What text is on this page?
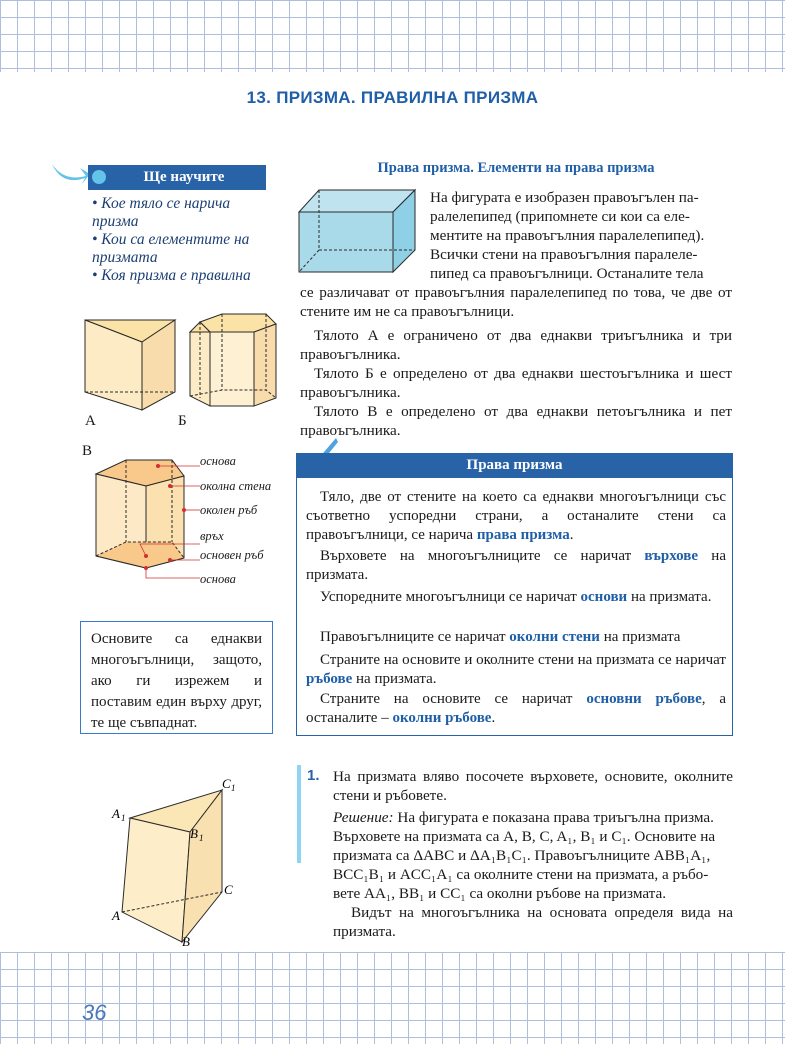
13. ПРИЗМА. ПРАВИЛНА ПРИЗМА
Ще научите
• Кое тяло се нарича призма
• Кои са елементите на призмата
• Коя призма е правилна
Права призма. Елементи на права призма
На фигурата е изобразен правоъгълен па-
ралелепипед (припомнете си кои са еле-
ментите на правоъгълния паралелепипед).
Всички стени на правоъгълния паралеле-
пипед са правоъгълници. Останалите тела
се различават от правоъгълния паралелепипед по това, че две от стените им не са правоъгълници.
Тялото А е ограничено от два еднакви триъгълника и три правоъгълника.
Тялото Б е определено от два еднакви шестоъгълника и шест правоъгълника.
Тялото В е определено от два еднакви петоъгълника и пет правоъгълника.
А	Б
В
основа
околна стена
околен ръб
връх
основен ръб
основа
Основите са еднакви многоъгълници, защото, ако ги изрежем и поставим един върху друг, те ще съвпаднат.
Права призма
Тяло, две от стените на което са еднакви многоъгълници със съответно успоредни страни, а останалите стени са правоъгълници, се нарича права призма.
Върховете на многоъгълниците се наричат върхове на призмата.
Успоредните многоъгълници се наричат основи на призмата.
Правоъгълниците се наричат околни стени на призмата
Страните на основите и околните стени на призмата се наричат ръбове на призмата.
Страните на основите се наричат основни ръбове, а останалите – околни ръбове.
C 1
A 1
B 1
C
A
B
1. На призмата вляво посочете върховете, основите, околните стени и ръбовете.
Решение: На фигурата е показана права триъгълна призма.
Върховете на призмата са A, B, C, A₁, B₁ и C₁. Основите на
призмата са ΔABC и ΔA₁B₁C₁. Правоъгълниците ABB₁A₁,
BCC₁B₁ и ACC₁A₁ са околните стени на призмата, а ръбо-
вете AA₁, BB₁ и CC₁ са околни ръбове на призмата.
Видът на многоъгълника на основата определя вида на призмата.
36
